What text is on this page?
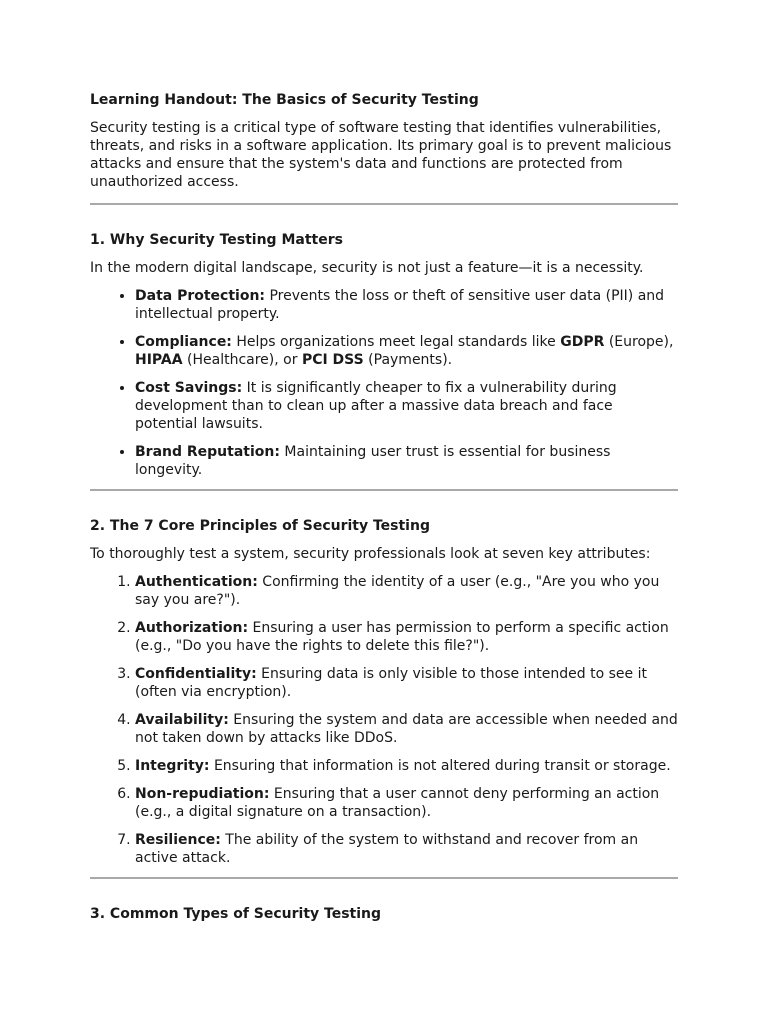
Learning Handout: The Basics of Security Testing

Security testing is a critical type of software testing that identifies vulnerabilities, threats, and risks in a software application. Its primary goal is to prevent malicious attacks and ensure that the system's data and functions are protected from unauthorized access.

1. Why Security Testing Matters

In the modern digital landscape, security is not just a feature—it is a necessity.

• Data Protection: Prevents the loss or theft of sensitive user data (PII) and intellectual property.
• Compliance: Helps organizations meet legal standards like GDPR (Europe), HIPAA (Healthcare), or PCI DSS (Payments).
• Cost Savings: It is significantly cheaper to fix a vulnerability during development than to clean up after a massive data breach and face potential lawsuits.
• Brand Reputation: Maintaining user trust is essential for business longevity.
2. The 7 Core Principles of Security Testing

To thoroughly test a system, security professionals look at seven key attributes:

1. Authentication: Confirming the identity of a user (e.g., "Are you who you say you are?").
2. Authorization: Ensuring a user has permission to perform a specific action (e.g., "Do you have the rights to delete this file?").
3. Confidentiality: Ensuring data is only visible to those intended to see it (often via encryption).
4. Availability: Ensuring the system and data are accessible when needed and not taken down by attacks like DDoS.
5. Integrity: Ensuring that information is not altered during transit or storage.
6. Non-repudiation: Ensuring that a user cannot deny performing an action (e.g., a digital signature on a transaction).
7. Resilience: The ability of the system to withstand and recover from an active attack.
3. Common Types of Security Testing
